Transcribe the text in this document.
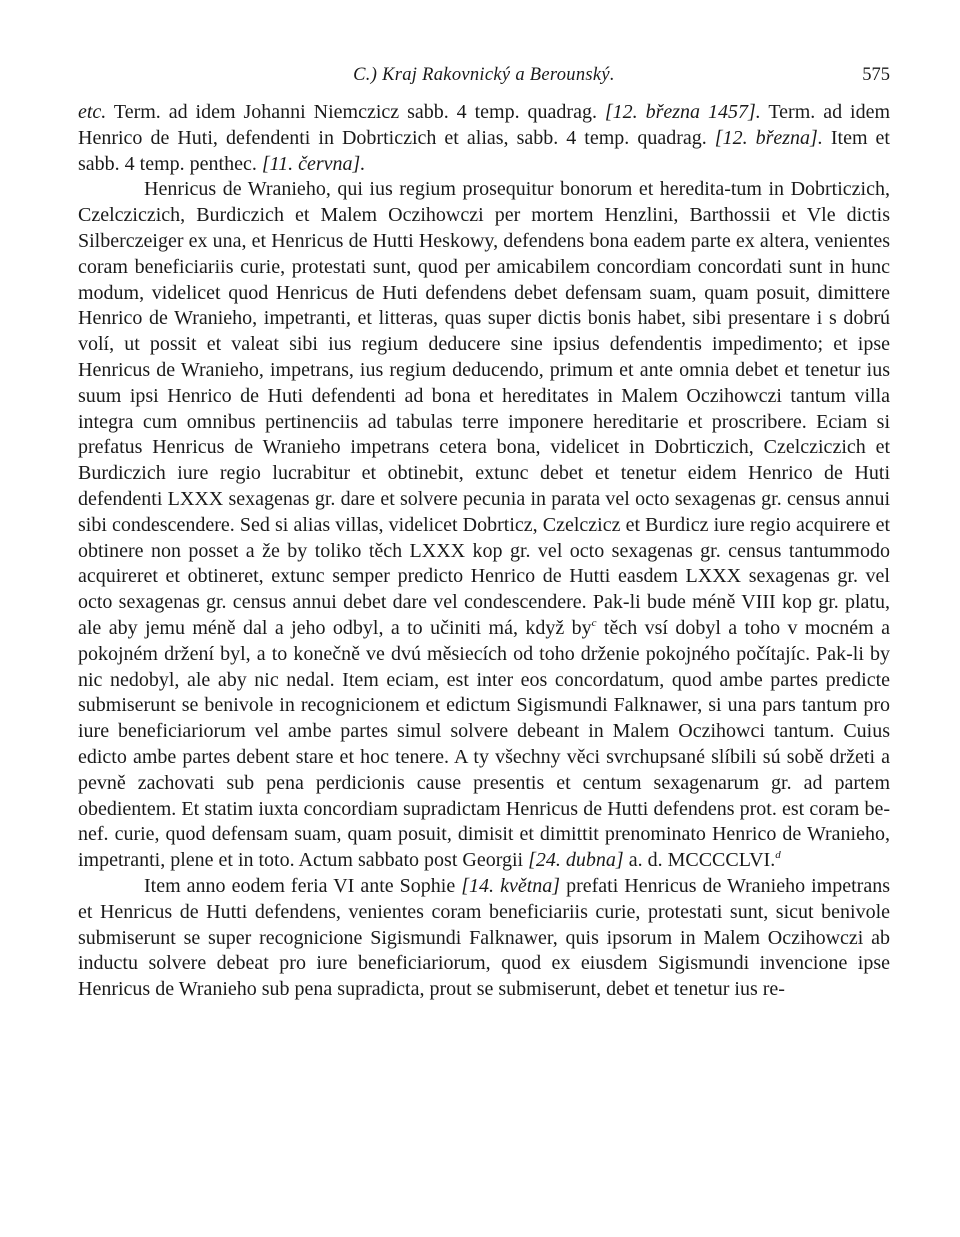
C.) Kraj Rakovnický a Berounský.	575

etc. Term. ad idem Johanni Niemczicz sabb. 4 temp. quadrag. [12. března 1457]. Term. ad idem Henrico de Huti, defendenti in Dobrticzich et alias, sabb. 4 temp. quadrag. [12. března]. Item et sabb. 4 temp. penthec. [11. června].

Henricus de Wranieho, qui ius regium prosequitur bonorum et heredita-tum in Dobrticzich, Czelcziczich, Burdiczich et Malem Oczihowczi per mortem Henzlini, Barthossii et Vle dictis Silberczeiger ex una, et Henricus de Hutti Heskowy, defendens bona eadem parte ex altera, venientes coram beneficiariis curie, protestati sunt, quod per amicabilem concordiam concordati sunt in hunc modum, videlicet quod Henricus de Huti defendens debet defensam suam, quam posuit, dimittere Henrico de Wranieho, impetranti, et litteras, quas super dictis bonis habet, sibi presentare i s dobrú volí, ut possit et valeat sibi ius regium deducere sine ipsius defendentis impedimento; et ipse Henricus de Wranieho, impetrans, ius regium deducendo, primum et ante omnia debet et tenetur ius suum ipsi Henrico de Huti defendenti ad bona et hereditates in Malem Oczihowczi tantum villa integra cum omnibus pertinenciis ad tabulas terre imponere hereditarie et proscribere. Eciam si prefatus Henricus de Wranieho impetrans cetera bona, videlicet in Dobrticzich, Czelcziczich et Burdiczich iure regio lucrabitur et obtinebit, extunc debet et tenetur eidem Henrico de Huti defendenti LXXX sexagenas gr. dare et solvere pecunia in parata vel octo sexagenas gr. census annui sibi condescendere. Sed si alias villas, videlicet Dobrticz, Czelczicz et Burdicz iure regio acquirere et obtinere non posset a že by toliko těch LXXX kop gr. vel octo sexagenas gr. census tantummodo acquireret et obtineret, extunc semper predicto Henrico de Hutti easdem LXXX sexagenas gr. vel octo sexagenas gr. census annui debet dare vel condescendere. Pak-li bude méně VIII kop gr. platu, ale aby jemu méně dal a jeho odbyl, a to učiniti má, když $by^c$ těch vsí dobyl a toho v mocném a pokojném držení byl, a to konečně ve dvú měsiecích od toho drženie pokojného počítajíc. Pak-li by nic nedobyl, ale aby nic nedal. Item eciam, est inter eos concordatum, quod ambe partes predicte submiserunt se benivole in recognicionem et edictum Sigismundi Falknawer, si una pars tantum pro iure beneficiariorum vel ambe partes simul solvere debeant in Malem Oczihowci tantum. Cuius edicto ambe partes debent stare et hoc tenere. A ty všechny věci svrchupsané slíbili sú sobě držeti a pevně zachovati sub pena perdicionis cause presentis et centum sexagenarum gr. ad partem obedientem. Et statim iuxta concordiam supradictam Henricus de Hutti defendens prot. est coram benef. curie, quod defensam suam, quam posuit, dimisit et dimittit prenominato Henrico de Wranieho, impetranti, plene et in toto. Actum sabbato post Georgii [24. dubna] a. d. MCCCCLVI.$^d$

Item anno eodem feria VI ante Sophie [14. května] prefati Henricus de Wranieho impetrans et Henricus de Hutti defendens, venientes coram beneficiariis curie, protestati sunt, sicut benivole submiserunt se super recognicione Sigismundi Falknawer, quis ipsorum in Malem Oczihowczi ab inductu solvere debeat pro iure beneficiariorum, quod ex eiusdem Sigismundi invencione ipse Henricus de Wranieho sub pena supradicta, prout se submiserunt, debet et tenetur ius re-
